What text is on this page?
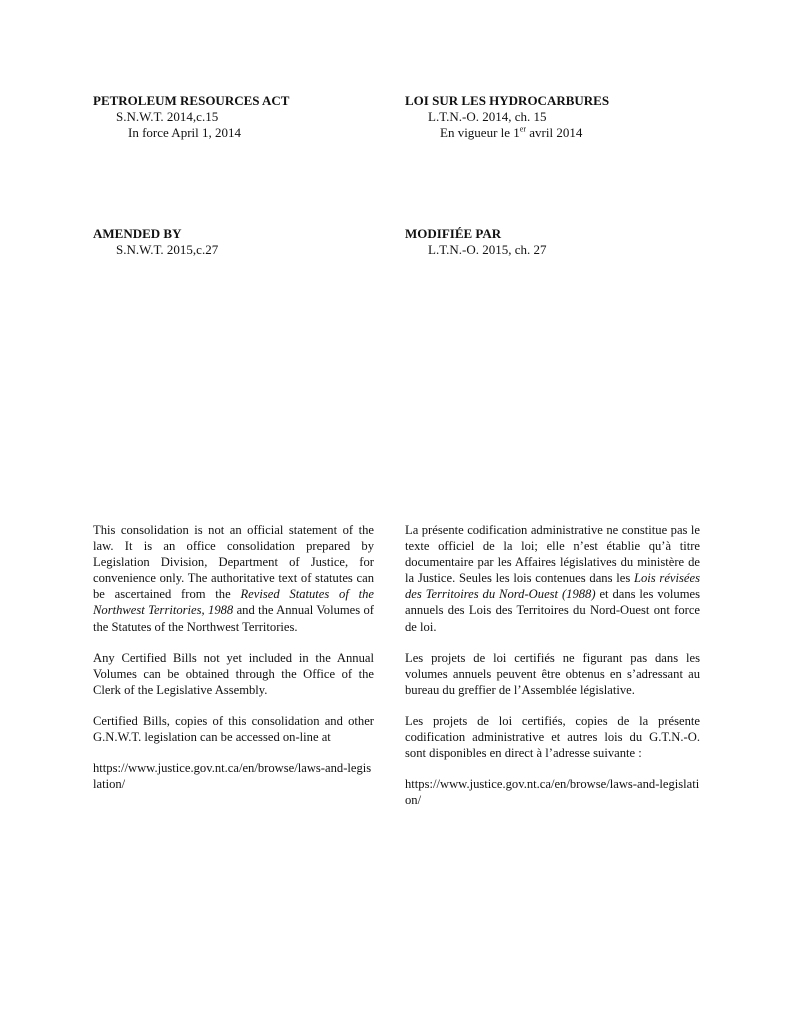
PETROLEUM RESOURCES ACT
S.N.W.T. 2014,c.15
In force April 1, 2014
LOI SUR LES HYDROCARBURES
L.T.N.-O. 2014, ch. 15
En vigueur le 1er avril 2014
AMENDED BY
S.N.W.T. 2015,c.27
MODIFIÉE PAR
L.T.N.-O. 2015, ch. 27

This consolidation is not an official statement of the law. It is an office consolidation prepared by Legislation Division, Department of Justice, for convenience only. The authoritative text of statutes can be ascertained from the Revised Statutes of the Northwest Territories, 1988 and the Annual Volumes of the Statutes of the Northwest Territories.

Any Certified Bills not yet included in the Annual Volumes can be obtained through the Office of the Clerk of the Legislative Assembly.

Certified Bills, copies of this consolidation and other G.N.W.T. legislation can be accessed on-line at

https://www.justice.gov.nt.ca/en/browse/laws-and-legislation/

La présente codification administrative ne constitue pas le texte officiel de la loi; elle n’est établie qu’à titre documentaire par les Affaires législatives du ministère de la Justice. Seules les lois contenues dans les Lois révisées des Territoires du Nord-Ouest (1988) et dans les volumes annuels des Lois des Territoires du Nord-Ouest ont force de loi.

Les projets de loi certifiés ne figurant pas dans les volumes annuels peuvent être obtenus en s’adressant au bureau du greffier de l’Assemblée législative.

Les projets de loi certifiés, copies de la présente codification administrative et autres lois du G.T.N.-O. sont disponibles en direct à l’adresse suivante :

https://www.justice.gov.nt.ca/en/browse/laws-and-legislation/
